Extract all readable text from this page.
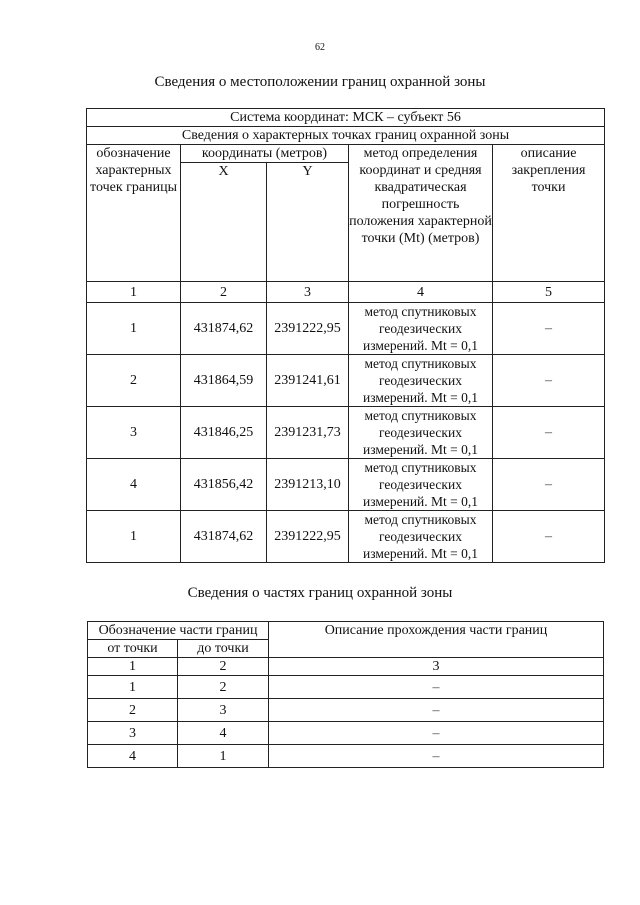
62
Сведения о местоположении границ охранной зоны
Система координат: МСК – субъект 56				
Сведения о характерных точках границ охранной зоны				
обозначение характерных точек границы	координаты (метров)		метод определения координат и средняя квадратическая погрешность положения характерной точки (Mt) (метров)	описание закрепления точки
	X	Y		
1	2	3	4	5
1	431874,62	2391222,95	метод спутниковых геодезических измерений. Mt = 0,1	–
2	431864,59	2391241,61	метод спутниковых геодезических измерений. Mt = 0,1	–
3	431846,25	2391231,73	метод спутниковых геодезических измерений. Mt = 0,1	–
4	431856,42	2391213,10	метод спутниковых геодезических измерений. Mt = 0,1	–
1	431874,62	2391222,95	метод спутниковых геодезических измерений. Mt = 0,1	–
Сведения о частях границ охранной зоны
Обозначение части границ		Описание прохождения части границ
от точки	до точки	
1	2	3
1	2	–
2	3	–
3	4	–
4	1	–
